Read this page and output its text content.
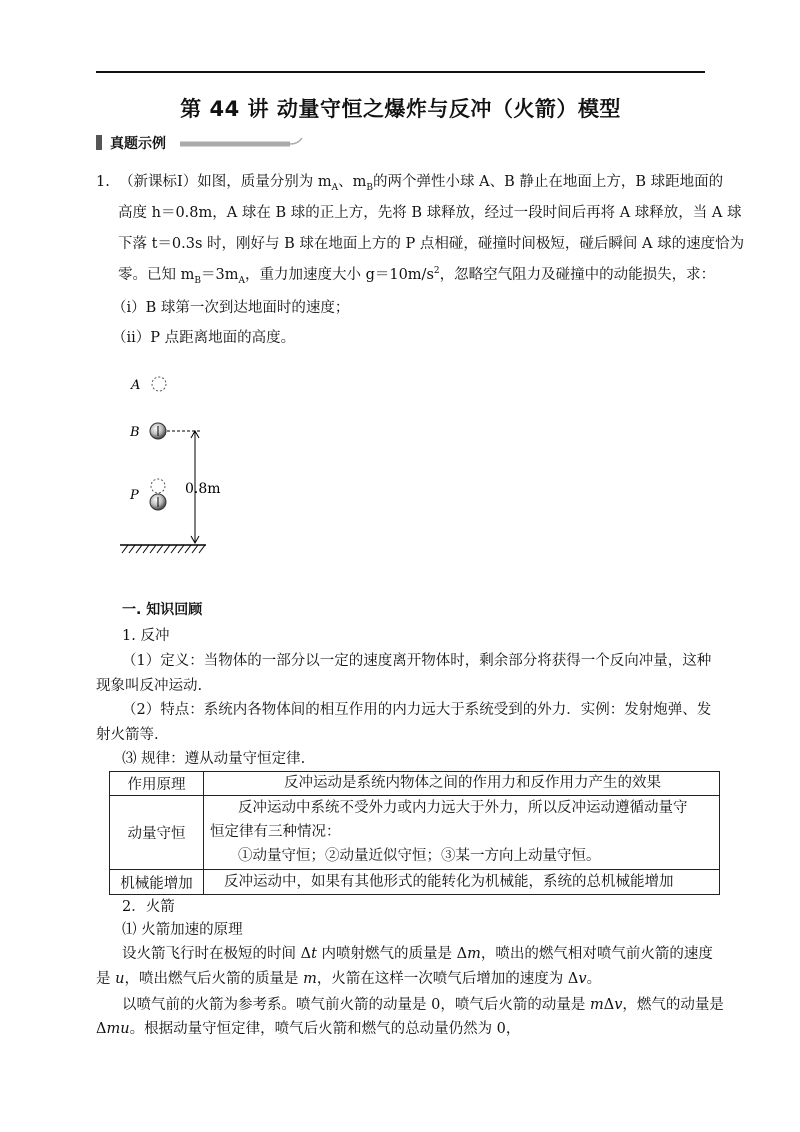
第 44 讲 动量守恒之爆炸与反冲（火箭）模型
真题示例
1. （新课标Ⅰ）如图，质量分别为 $m_A$、$m_B$的两个弹性小球 A、B 静止在地面上方，B 球距地面的
高度 h＝0.8m，A 球在 B 球的正上方，先将 B 球释放，经过一段时间后再将 A 球释放，当 A 球
下落 t＝0.3s 时，刚好与 B 球在地面上方的 P 点相碰，碰撞时间极短，碰后瞬间 A 球的速度恰为
零。已知 $m_B=3m_A$，重力加速度大小 $g=10m/s^2$，忽略空气阻力及碰撞中的动能损失，求：
（i）B 球第一次到达地面时的速度；
（ii）P 点距离地面的高度。
A
B
P	0.8m
一. 知识回顾
1. 反冲
（1）定义：当物体的一部分以一定的速度离开物体时，剩余部分将获得一个反向冲量，这种
现象叫反冲运动.
（2）特点：系统内各物体间的相互作用的内力远大于系统受到的外力．实例：发射炮弹、发
射火箭等.
⑶ 规律：遵从动量守恒定律.
作用原理	反冲运动是系统内物体之间的作用力和反作用力产生的效果
动量守恒
反冲运动中系统不受外力或内力远大于外力，所以反冲运动遵循动量守
恒定律有三种情况：
①动量守恒；②动量近似守恒；③某一方向上动量守恒。
机械能增加	反冲运动中，如果有其他形式的能转化为机械能，系统的总机械能增加
2．火箭
⑴ 火箭加速的原理
设火箭飞行时在极短的时间 Δt 内喷射燃气的质量是 Δm，喷出的燃气相对喷气前火箭的速度
是 u，喷出燃气后火箭的质量是 m，火箭在这样一次喷气后增加的速度为 Δv。
以喷气前的火箭为参考系。喷气前火箭的动量是 0，喷气后火箭的动量是 mΔv，燃气的动量是
Δmu。根据动量守恒定律，喷气后火箭和燃气的总动量仍然为 0，
